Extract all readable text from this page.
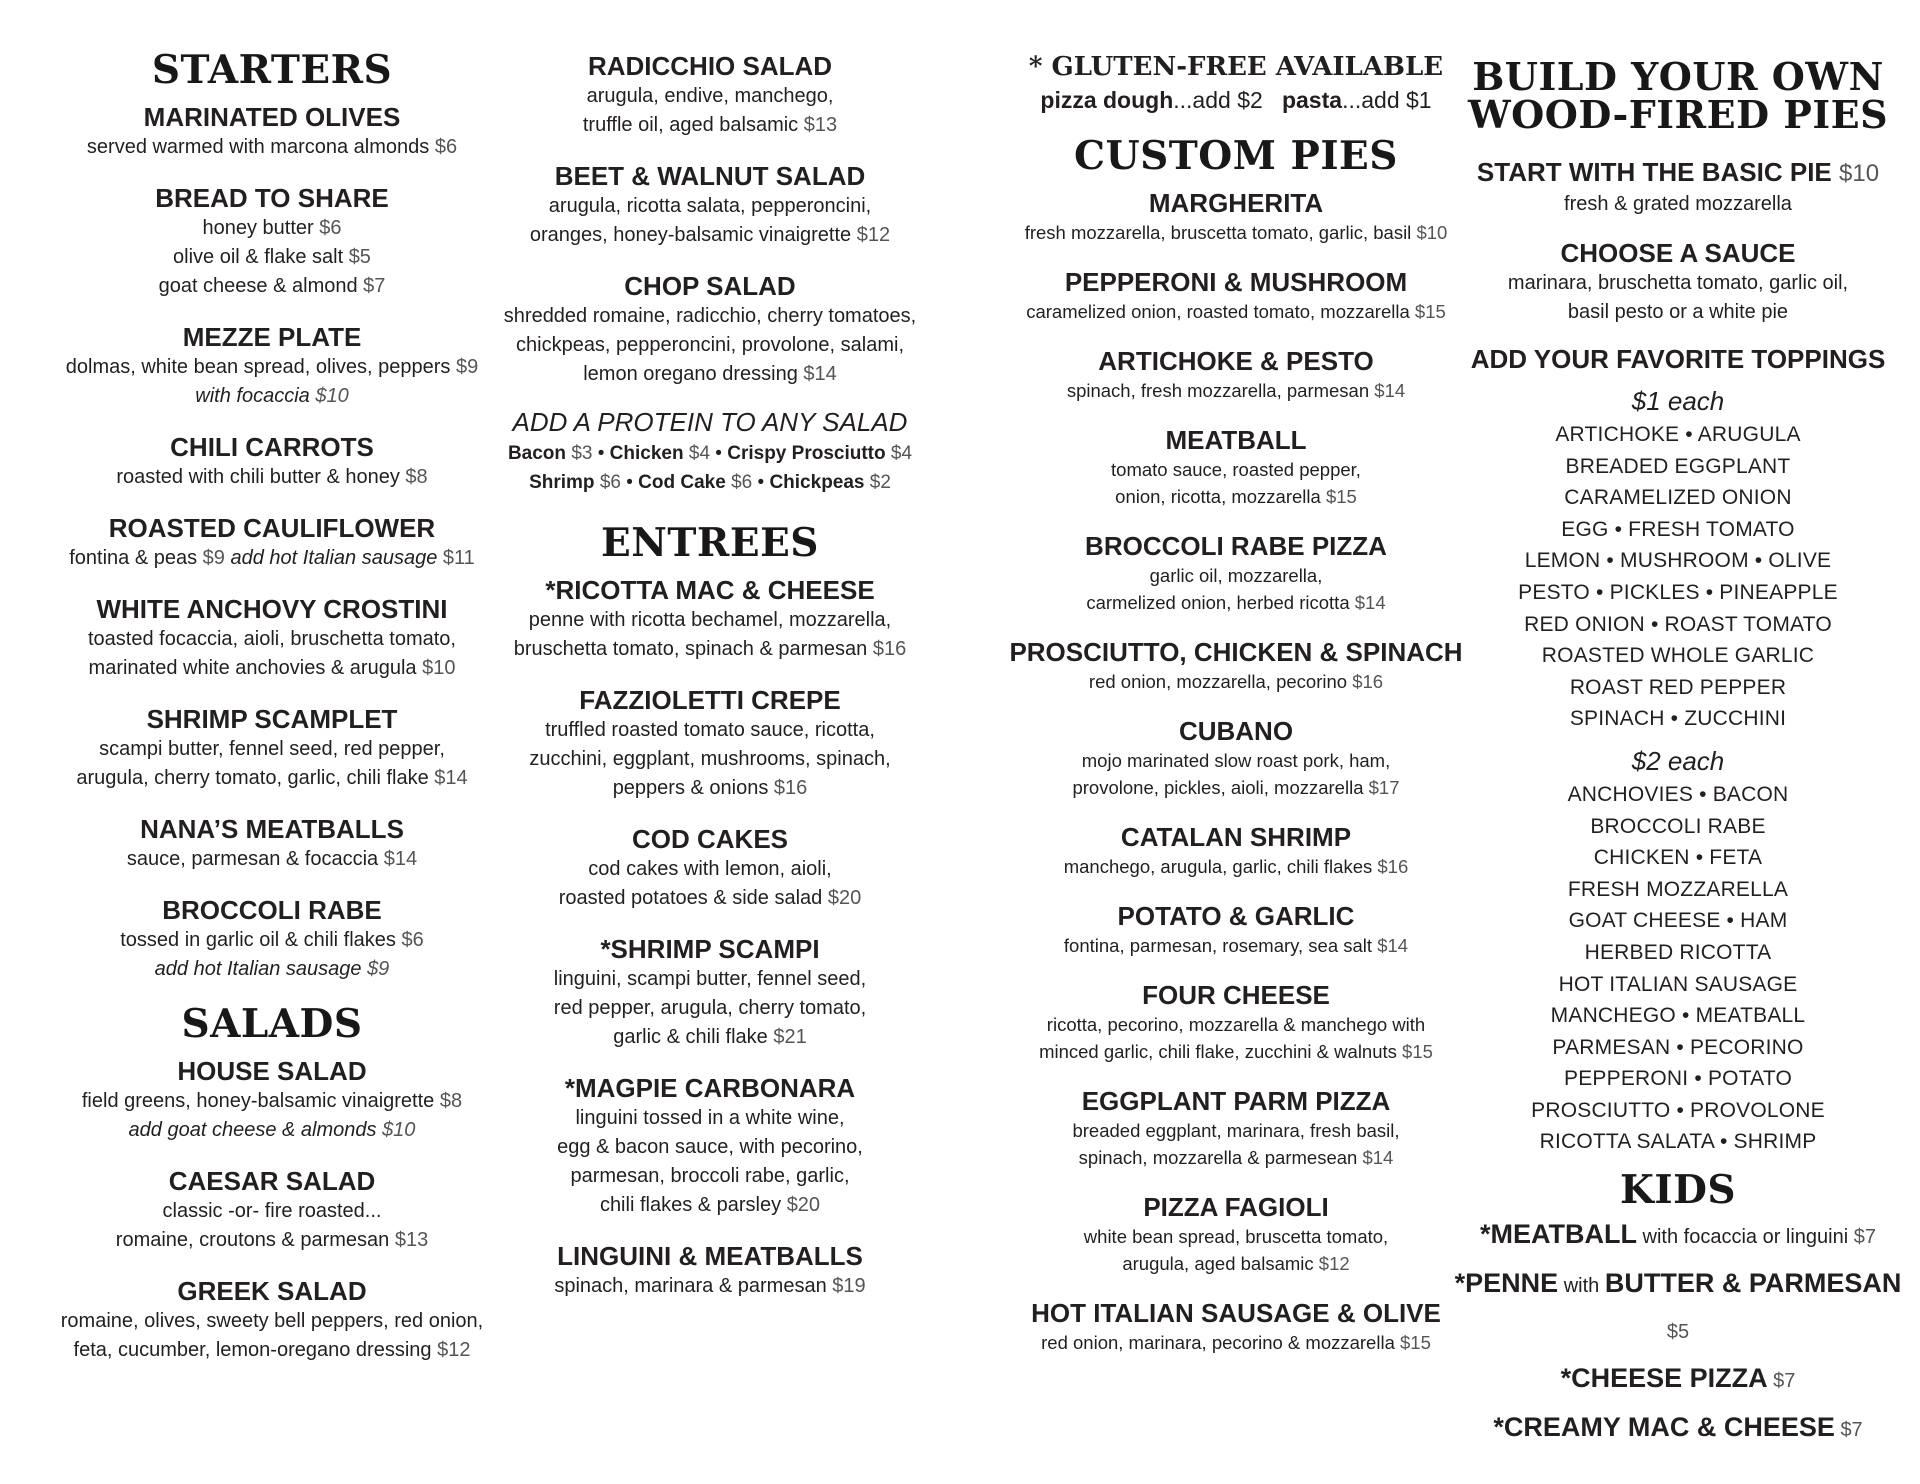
STARTERS
MARINATED OLIVES
served warmed with marcona almonds $6
BREAD TO SHARE
honey butter $6
olive oil & flake salt $5
goat cheese & almond $7
MEZZE PLATE
dolmas, white bean spread, olives, peppers $9
with focaccia $10
CHILI CARROTS
roasted with chili butter & honey $8
ROASTED CAULIFLOWER
fontina & peas $9 add hot Italian sausage $11
WHITE ANCHOVY CROSTINI
toasted focaccia, aioli, bruschetta tomato,
marinated white anchovies & arugula $10
SHRIMP SCAMPLET
scampi butter, fennel seed, red pepper,
arugula, cherry tomato, garlic, chili flake $14
NANA’S MEATBALLS
sauce, parmesan & focaccia $14
BROCCOLI RABE
tossed in garlic oil & chili flakes $6
add hot Italian sausage $9
SALADS
HOUSE SALAD
field greens, honey-balsamic vinaigrette $8
add goat cheese & almonds $10
CAESAR SALAD
classic -or- fire roasted...
romaine, croutons & parmesan $13
GREEK SALAD
romaine, olives, sweety bell peppers, red onion,
feta, cucumber, lemon-oregano dressing $12
RADICCHIO SALAD
arugula, endive, manchego,
truffle oil, aged balsamic $13
BEET & WALNUT SALAD
arugula, ricotta salata, pepperoncini,
oranges, honey-balsamic vinaigrette $12
CHOP SALAD
shredded romaine, radicchio, cherry tomatoes,
chickpeas, pepperoncini, provolone, salami,
lemon oregano dressing $14
ADD A PROTEIN TO ANY SALAD
Bacon $3 • Chicken $4 • Crispy Prosciutto $4
Shrimp $6 • Cod Cake $6 • Chickpeas $2
ENTREES
*RICOTTA MAC & CHEESE
penne with ricotta bechamel, mozzarella,
bruschetta tomato, spinach & parmesan $16
FAZZIOLETTI CREPE
truffled roasted tomato sauce, ricotta,
zucchini, eggplant, mushrooms, spinach,
peppers & onions $16
COD CAKES
cod cakes with lemon, aioli,
roasted potatoes & side salad $20
*SHRIMP SCAMPI
linguini, scampi butter, fennel seed,
red pepper, arugula, cherry tomato,
garlic & chili flake $21
*MAGPIE CARBONARA
linguini tossed in a white wine,
egg & bacon sauce, with pecorino,
parmesan, broccoli rabe, garlic,
chili flakes & parsley $20
LINGUINI & MEATBALLS
spinach, marinara & parmesan $19
* GLUTEN-FREE AVAILABLE
pizza dough...add $2 pasta...add $1
CUSTOM PIES
MARGHERITA
fresh mozzarella, bruscetta tomato, garlic, basil $10
PEPPERONI & MUSHROOM
caramelized onion, roasted tomato, mozzarella $15
ARTICHOKE & PESTO
spinach, fresh mozzarella, parmesan $14
MEATBALL
tomato sauce, roasted pepper,
onion, ricotta, mozzarella $15
BROCCOLI RABE PIZZA
garlic oil, mozzarella,
carmelized onion, herbed ricotta $14
PROSCIUTTO, CHICKEN & SPINACH
red onion, mozzarella, pecorino $16
CUBANO
mojo marinated slow roast pork, ham,
provolone, pickles, aioli, mozzarella $17
CATALAN SHRIMP
manchego, arugula, garlic, chili flakes $16
POTATO & GARLIC
fontina, parmesan, rosemary, sea salt $14
FOUR CHEESE
ricotta, pecorino, mozzarella & manchego with
minced garlic, chili flake, zucchini & walnuts $15
EGGPLANT PARM PIZZA
breaded eggplant, marinara, fresh basil,
spinach, mozzarella & parmesean $14
PIZZA FAGIOLI
white bean spread, bruscetta tomato,
arugula, aged balsamic $12
HOT ITALIAN SAUSAGE & OLIVE
red onion, marinara, pecorino & mozzarella $15
BUILD YOUR OWN
WOOD-FIRED PIES
START WITH THE BASIC PIE $10
fresh & grated mozzarella
CHOOSE A SAUCE
marinara, bruschetta tomato, garlic oil,
basil pesto or a white pie
ADD YOUR FAVORITE TOPPINGS
$1 each
ARTICHOKE • ARUGULA
BREADED EGGPLANT
CARAMELIZED ONION
EGG • FRESH TOMATO
LEMON • MUSHROOM • OLIVE
PESTO • PICKLES • PINEAPPLE
RED ONION • ROAST TOMATO
ROASTED WHOLE GARLIC
ROAST RED PEPPER
SPINACH • ZUCCHINI
$2 each
ANCHOVIES • BACON
BROCCOLI RABE
CHICKEN • FETA
FRESH MOZZARELLA
GOAT CHEESE • HAM
HERBED RICOTTA
HOT ITALIAN SAUSAGE
MANCHEGO • MEATBALL
PARMESAN • PECORINO
PEPPERONI • POTATO
PROSCIUTTO • PROVOLONE
RICOTTA SALATA • SHRIMP
KIDS
*MEATBALL with focaccia or linguini $7
*PENNE with BUTTER & PARMESAN $5
*CHEESE PIZZA $7
*CREAMY MAC & CHEESE $7
